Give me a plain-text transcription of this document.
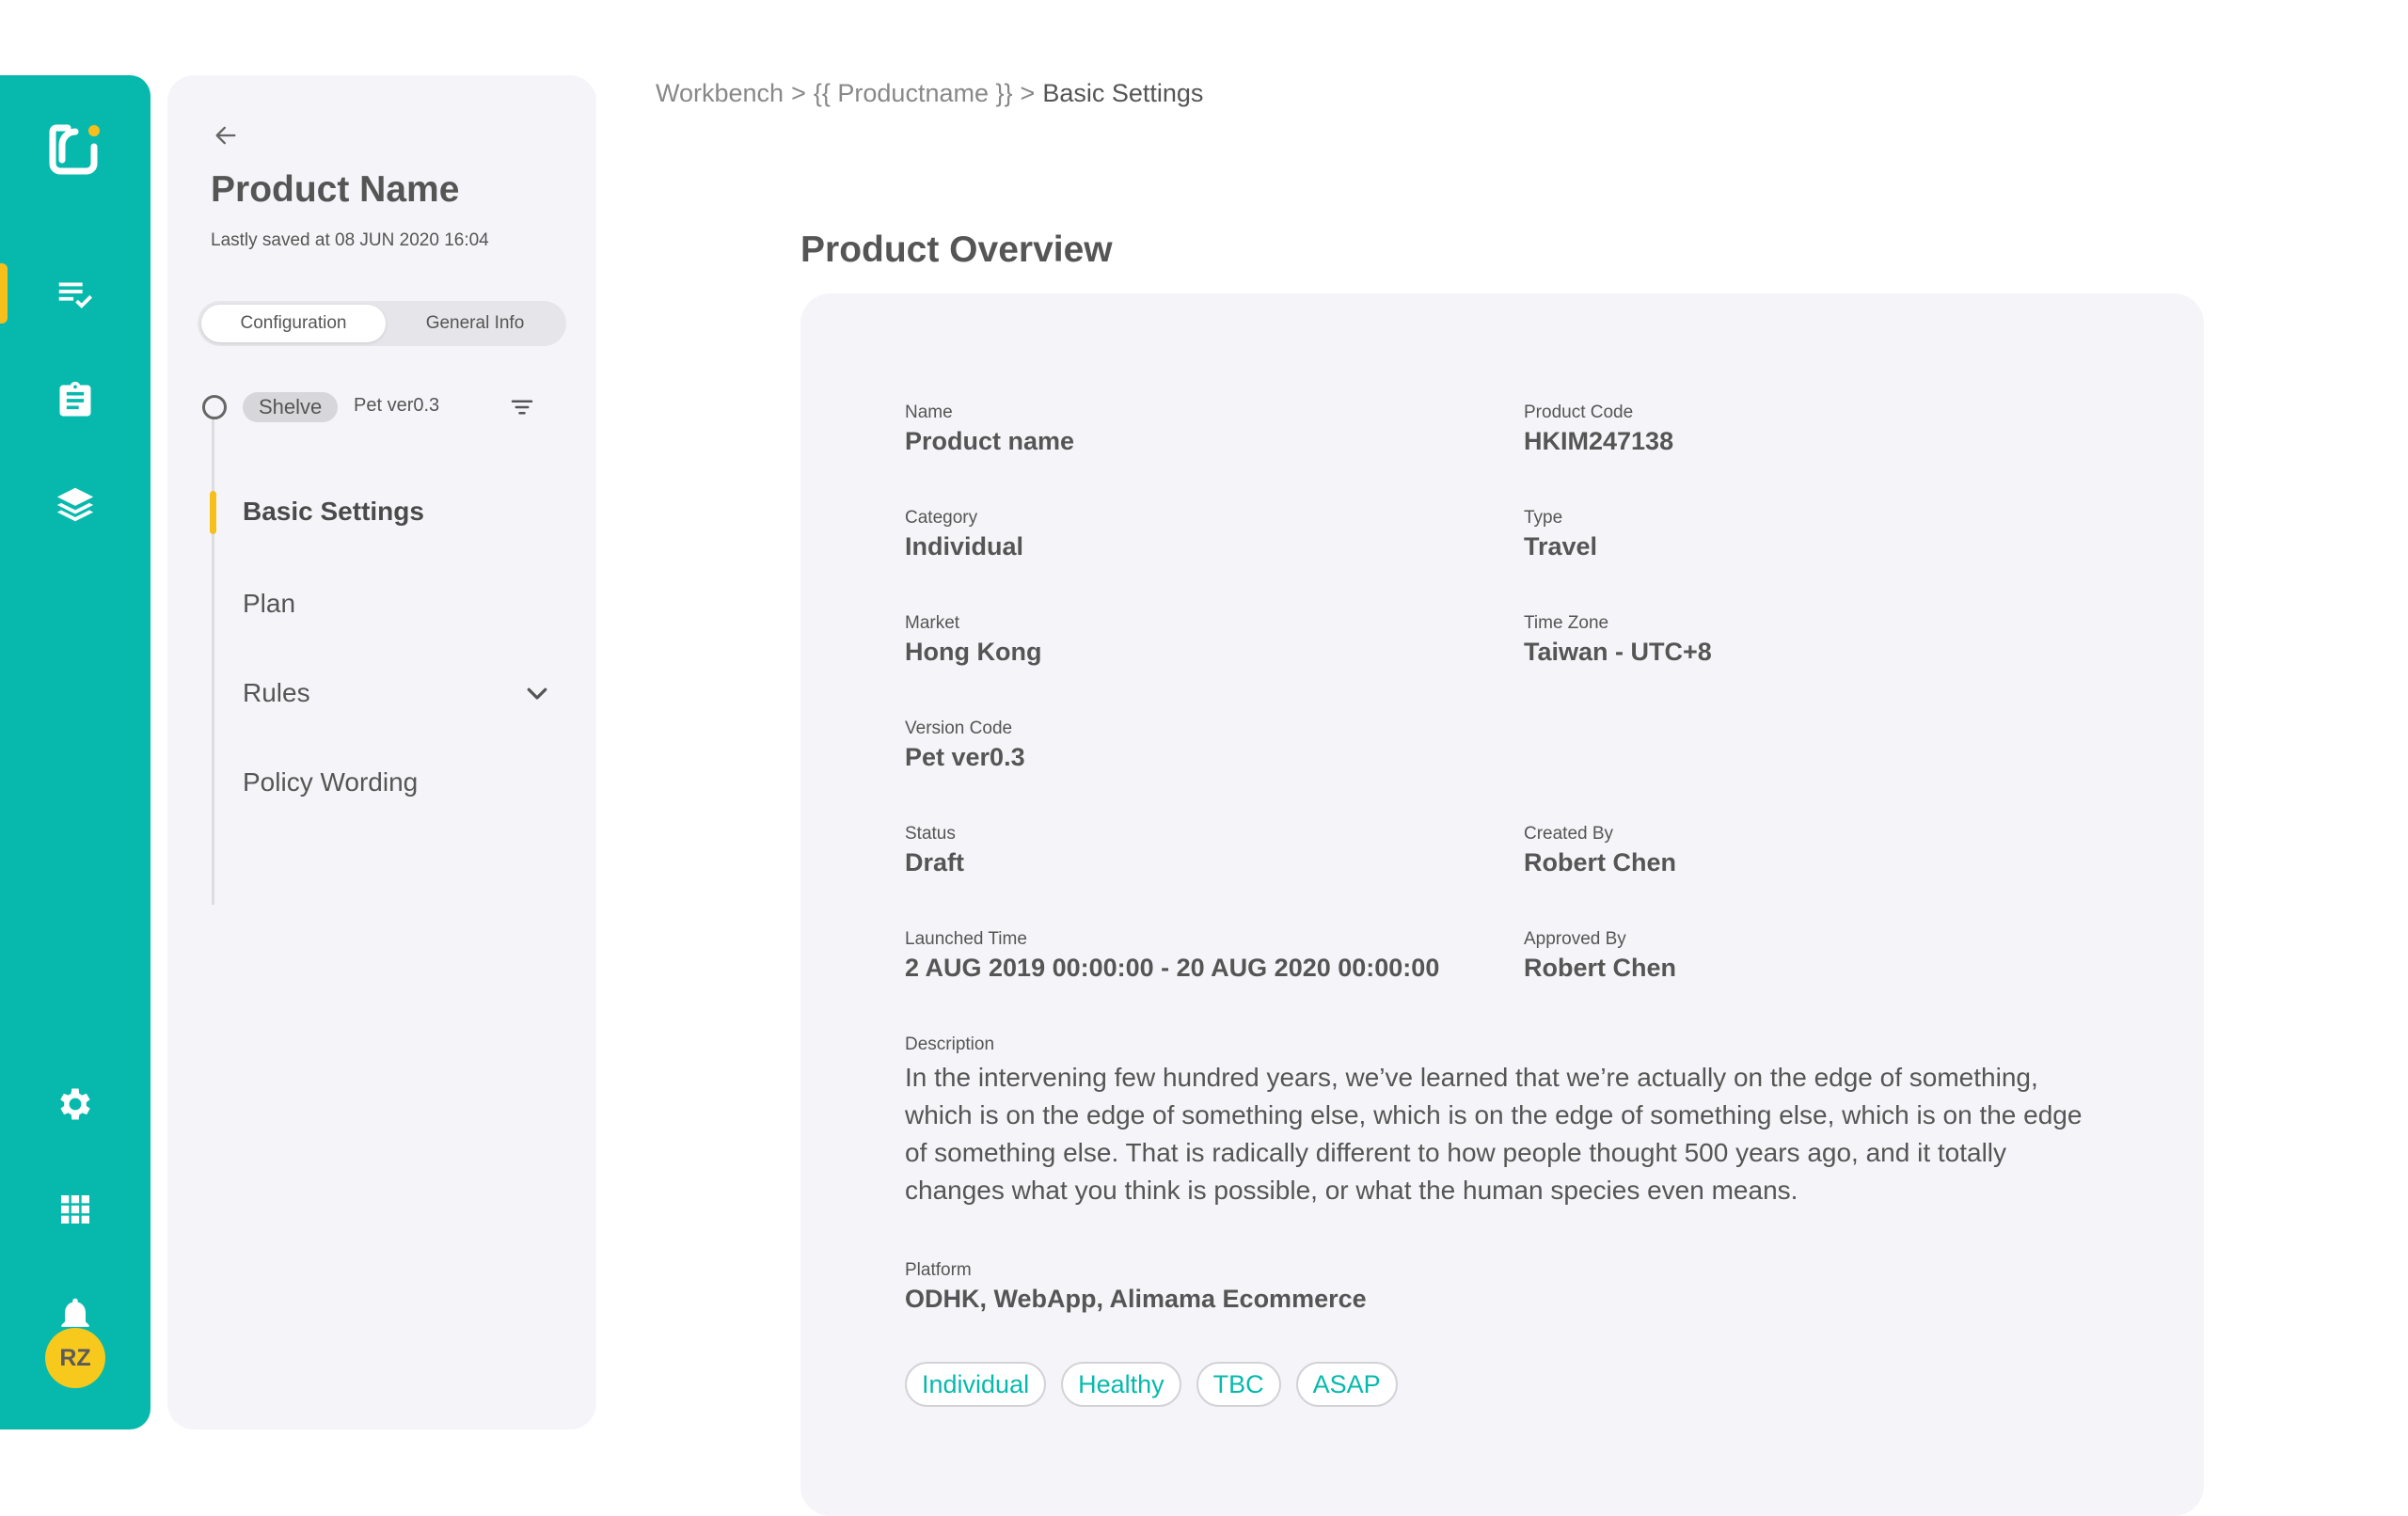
RZ
Product Name
Lastly saved at 08 JUN 2020 16:04
Configuration	General Info
Shelve	Pet ver0.3
Basic Settings
Plan
Rules
Policy Wording
Workbench > {{ Productname }} > Basic Settings
Product Overview
Name
Product name
Product Code
HKIM247138
Category
Individual
Type
Travel
Market
Hong Kong
Time Zone
Taiwan - UTC+8
Version Code
Pet ver0.3
Status
Draft
Created By
Robert Chen
Launched Time
2 AUG 2019 00:00:00 - 20 AUG 2020 00:00:00
Approved By
Robert Chen
Description
In the intervening few hundred years, we’ve learned that we’re actually on the edge of something, which is on the edge of something else, which is on the edge of something else, which is on the edge of something else. That is radically different to how people thought 500 years ago, and it totally changes what you think is possible, or what the human species even means.
Platform
ODHK, WebApp, Alimama Ecommerce
Individual	Healthy	TBC	ASAP
